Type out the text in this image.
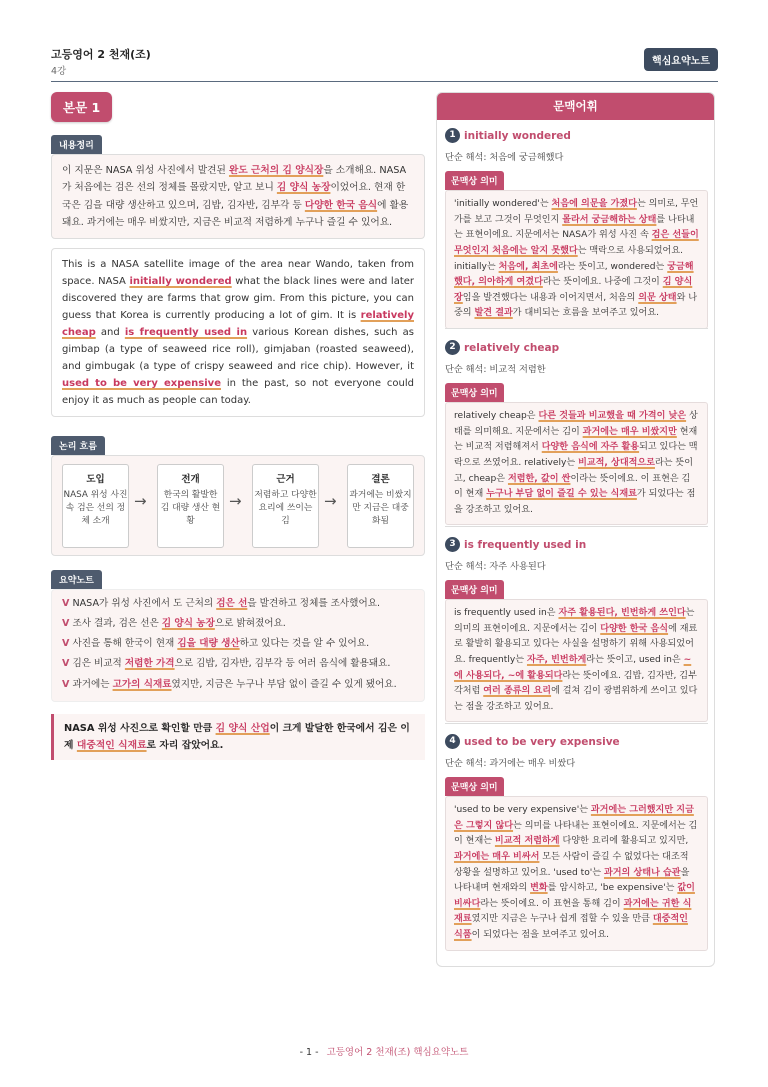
고등영어 2 천재(조)
4강
핵심요약노트
본문 1
내용정리
이 지문은 NASA 위성 사진에서 발견된 완도 근처의 김 양식장을 소개해요. NASA가 처음에는 검은 선의 정체를 몰랐지만, 알고 보니 김 양식 농장이었어요. 현재 한국은 김을 대량 생산하고 있으며, 김밥, 김자반, 김부각 등 다양한 한국 음식에 활용돼요. 과거에는 매우 비쌌지만, 지금은 비교적 저렴하게 누구나 즐길 수 있어요.
This is a NASA satellite image of the area near Wando, taken from space. NASA initially wondered what the black lines were and later discovered they are farms that grow gim. From this picture, you can guess that Korea is currently producing a lot of gim. It is relatively cheap and is frequently used in various Korean dishes, such as gimbap (a type of seaweed rice roll), gimjaban (roasted seaweed), and gimbugak (a type of crispy seaweed and rice chip). However, it used to be very expensive in the past, so not everyone could enjoy it as much as people can today.
논리 흐름
도입
NASA 위성 사진 속 검은 선의 정체 소개
→
전개
한국의 활발한 김 대량 생산 현황
→
근거
저렴하고 다양한 요리에 쓰이는 김
→
결론
과거에는 비쌌지만 지금은 대중화됨
요약노트
V NASA가 위성 사진에서 도 근처의 검은 선을 발견하고 정체를 조사했어요.
V 조사 결과, 검은 선은 김 양식 농장으로 밝혀졌어요.
V 사진을 통해 한국이 현재 김을 대량 생산하고 있다는 것을 알 수 있어요.
V 김은 비교적 저렴한 가격으로 김밥, 김자반, 김부각 등 여러 음식에 활용돼요.
V 과거에는 고가의 식재료였지만, 지금은 누구나 부담 없이 즐길 수 있게 됐어요.
NASA 위성 사진으로 확인할 만큼 김 양식 산업이 크게 발달한 한국에서 김은 이제 대중적인 식재료로 자리 잡았어요.
문맥어휘
1 initially wondered
단순 해석: 처음에 궁금해했다
문맥상 의미
'initially wondered'는 처음에 의문을 가졌다는 의미로, 무언가를 보고 그것이 무엇인지 몰라서 궁금해하는 상태를 나타내는 표현이에요. 지문에서는 NASA가 위성 사진 속 검은 선들이 무엇인지 처음에는 알지 못했다는 맥락으로 사용되었어요. initially는 처음에, 최초에라는 뜻이고, wondered는 궁금해했다, 의아하게 여겼다라는 뜻이에요. 나중에 그것이 김 양식장임을 발견했다는 내용과 이어지면서, 처음의 의문 상태와 나중의 발견 결과가 대비되는 흐름을 보여주고 있어요.
2 relatively cheap
단순 해석: 비교적 저렴한
문맥상 의미
relatively cheap은 다른 것들과 비교했을 때 가격이 낮은 상태를 의미해요. 지문에서는 김이 과거에는 매우 비쌌지만 현재는 비교적 저렴해져서 다양한 음식에 자주 활용되고 있다는 맥락으로 쓰였어요. relatively는 비교적, 상대적으로라는 뜻이고, cheap은 저렴한, 값이 싼이라는 뜻이에요. 이 표현은 김이 현재 누구나 부담 없이 즐길 수 있는 식재료가 되었다는 점을 강조하고 있어요.
3 is frequently used in
단순 해석: 자주 사용된다
문맥상 의미
is frequently used in은 자주 활용된다, 빈번하게 쓰인다는 의미의 표현이에요. 지문에서는 김이 다양한 한국 음식에 재료로 활발히 활용되고 있다는 사실을 설명하기 위해 사용되었어요. frequently는 자주, 빈번하게라는 뜻이고, used in은 ~에 사용되다, ~에 활용되다라는 뜻이에요. 김밥, 김자반, 김부각처럼 여러 종류의 요리에 걸쳐 김이 광범위하게 쓰이고 있다는 점을 강조하고 있어요.
4 used to be very expensive
단순 해석: 과거에는 매우 비쌌다
문맥상 의미
'used to be very expensive'는 과거에는 그러했지만 지금은 그렇지 않다는 의미를 나타내는 표현이에요. 지문에서는 김이 현재는 비교적 저렴하게 다양한 요리에 활용되고 있지만, 과거에는 매우 비싸서 모든 사람이 즐길 수 없었다는 대조적 상황을 설명하고 있어요. 'used to'는 과거의 상태나 습관을 나타내며 현재와의 변화를 암시하고, 'be expensive'는 값이 비싸다라는 뜻이에요. 이 표현을 통해 김이 과거에는 귀한 식재료였지만 지금은 누구나 쉽게 접할 수 있을 만큼 대중적인 식품이 되었다는 점을 보여주고 있어요.
- 1 - 고등영어 2 천재(조) 핵심요약노트
